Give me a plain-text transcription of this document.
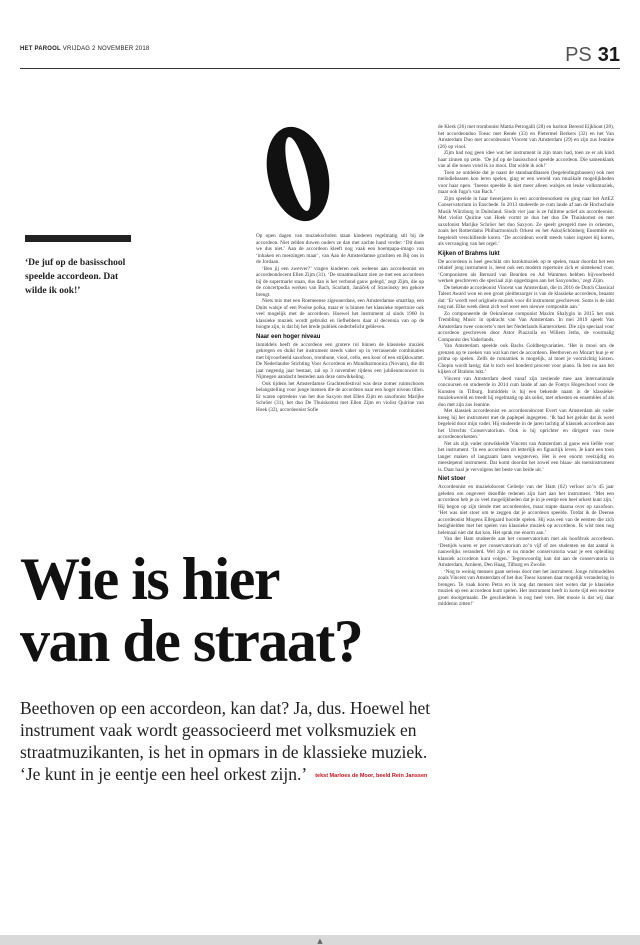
HET PAROOL VRIJDAG 2 NOVEMBER 2018	PS 31
‘De juf op de basisschool speelde accordeon. Dat wilde ik ook!’

Op open dagen van muziekscholen staan kinderen regelmatig stil bij de accordeon. Niet zelden duwen ouders ze dan met zachte hand verder: ‘Dit doen we dus niet.’ Aan de accordeon kleeft nog vaak een hoempapa-imago van ‘inhaken en meezingen maar’, van Aan de Amsterdamse grachten en Bij ons in de Jordaan.

‘Ben jij een zwerver?’ vragen kinderen ook weleens aan accordeonist en accordeondocent Ellen Zijm (31). ‘De straatmuzikant zien ze met een accordeon bij de supermarkt staan, dus dan is het verbond gauw gelegd,’ zegt Zijm, die op de concertpodia werken van Bach, Scarlatti, Janáček of Stravinsky ten gehore brengt.

Niets mis met een Roemeense zigeunerdans, een Amsterdamse smartlap, een Duits walsje of een Poolse polka, maar er is binnen het klassieke repertoire ook veel mogelijk met de accordeon. Hoewel het instrument al sinds 1960 in klassieke muziek wordt gebruikt en liefhebbers daar al decennia van op de hoogte zijn, is dat bij het brede publiek onderbelicht gebleven.

Naar een hoger niveau

Inmiddels heeft de accordeon een grotere rol binnen de klassieke muziek gekregen en duikt het instrument steeds vaker op in verrassende combinaties met bijvoorbeeld saxofoon, trombone, viool, cello, een koor of een strijkkwartet. De Nederlandse Stichting Voor Accordeon en Mondharmonica (Novam), die dit jaar negentig jaar bestaat, zal op 3 november tijdens een jubileumconcert in Nijmegen aandacht besteden aan deze ontwikkeling.

Ook tijdens het Amsterdamse Grachtenfestival was deze zomer ruimschoots belangstelling voor jonge mensen die de accordeon naar een hoger niveau tillen. Er waren optredens van het duo Saxyon met Ellen Zijm en saxofonist Marijke Schröer (31), het duo De Thuiskomst met Ellen Zijm en violist Quirine van Hoek (32), accordeonist Sofie

de Klerk (26) met trombonist Mattia Petrogalli (28) en bariton Berend Eijkhout (28), het accordeonduo Toeac met Renée (33) en Pietermel Berkers (32) en het Van Amsterdam Duo met accordeonist Vincent van Amsterdam (29) en zijn zus Jeanine (26) op viool.

Zijm had nog geen idee wat het instrument in zijn mars had, toen ze er als kind haar zinnen op zette. ‘De juf op de basisschool speelde accordeon. Die samenklank van al die tonen vond ik zo mooi. Dat wilde ik ook!’

Toen ze ontdekte dat je naast de standaardbassen (begeleidingsbassen) ook met melodiebassen kon leren spelen, ging er een wereld van muzikale mogelijkheden voor haar open. ‘Ineens speelde ik niet meer alleen walsjes en leuke volksmuziek, maar ook fuga’s van Bach.’

Zijm speelde in haar tienerjaren in een accordeonorkest en ging naar het ArtEZ Conservatorium in Enschede. In 2013 studeerde ze cum laude af aan de Hochschule Musik Würzburg in Duitsland. Sinds vier jaar is ze fulltime actief als accordeonist. Met violist Quirine van Hoek vormt ze duo het duo De Thuiskomst en met saxofonist Marijke Schröer het duo Saxyon. Ze speelt geregeld mee in orkesten, zoals het Rotterdams Philharmonisch Orkest en het Asko|Schönberg Ensemble en begeleidt verschillende koren. ‘De accordeon wordt steeds vaker ingezet bij koren, als vervanging van het orgel.’

Kijken of Brahms lukt

De accordeon is heel geschikt om barokmuziek op te spelen, maar doordat het een relatief jong instrument is, leent ook een modern repertoire zich er uitstekend voor. ‘Componisten als Bernard van Beurden en Ad Wammes hebben bijvoorbeeld werken geschreven die speciaal zijn opgedragen aan het Saxyonduo,’ zegt Zijm.

De bekende accordeonist Vincent van Amsterdam, die in 2016 de Dutch Classical Talent Award won en een groot pleitbezorger is van de klassieke accordeon, beaamt dat: ‘Er wordt veel originele muziek voor dit instrument geschreven. Soms is de inkt nog nat. Elke week dient zich wel weer een nieuwe compositie aan.’

Zo componeerde de Oekraïense componist Maxim Shalygin in 2015 het stuk Trembling Music in opdracht van Van Amsterdam. In mei 2019 speelt Van Amsterdam twee concerto’s met het Nederlands Kamerorkest. Die zijn speciaal voor accordeon geschreven door Astor Piazzolla en Willem Jeths, de voormalig Componist des Vaderlands.

Van Amsterdam speelde ook Bachs Goldbergvariaties. ‘Het is mooi om de grenzen op te zoeken van wat kan met de accordeon. Beethoven en Mozart kun je er prima op spelen. Zelfs de romantiek is mogelijk, al moet je voorzichtig kiezen. Chopin wordt lastig; dat is toch wel honderd procent voor piano. Ik ben nu aan het kijken of Brahms lukt.’

Vincent van Amsterdam deed vanaf zijn zestiende mee aan internationale concoursen en studeerde in 2014 cum laude af aan de Fontys Hogeschool voor de Kunsten in Tilburg. Inmiddels is hij een bekende naam in de klassieke-muziekwereld en treedt hij regelmatig op als solist, met orkesten en ensembles of als duo met zijn zus Jeanine.

Met klassiek accordeonist en accordeondocent Evert van Amsterdam als vader kreeg hij het instrument met de paplepel ingegeten. ‘Ik had het gelukt dat ik werd begeleid door mijn vader. Hij studeerde in de jaren tachtig af klassiek accordeon aan het Utrechts Conservatorium. Ook is hij oprichter en dirigent van twee accordeonorkesten.’

Net als zijn vader ontwikkelde Vincent van Amsterdam al gauw een liefde voor het instrument. ‘In een accordeon zit letterlijk en figuurlijk leven. Je kunt een toon langer maken of langzaam laten wegsterven. Het is een enorm veelzijdig en meeslepend instrument. Dat komt doordat het zowel een blaas- als toetsinstrument is. Daar haal je vervolgens het beste van beide uit.’

Niet stoer

Accordeonist en muziekdocent Gelietje van der Ham (62) verloor zo’n 45 jaar geleden om ongeveer dezelfde redenen zijn hart aan het instrument. ‘Met een accordeon heb je zo veel mogelijkheden dat je in je eentje een heel orkest kunt zijn.’ Hij begon op zijn tiende met accordeonles, maar stapte daarna over op saxofoon. ‘Het was niet stoer om te zeggen dat je accordeon speelde. Totdat ik de Deense accordeonist Mogens Ellegaard hoorde spelen. Hij was een van de eersten die zich bezighielden met het spelen van klassieke muziek op accordeon. Ik wist toen nog helemaal niet dat dat kon. Het sprak me enorm aan.’

Van der Ham studeerde aan het conservatorium met als hoofdvak accordeon. ‘Destijds waren er per conservatorium zo’n vijf of zes studenten en dat aantal is nauwelijks veranderd. Wel zijn er nu minder conservatoria waar je een opleiding klassiek accordeon kunt volgen.’ Tegenwoordig kan dat aan de conservatoria in Amsterdam, Arnhem, Den Haag, Tilburg en Zwolle.

‘Nog te weinig mensen gaan serieus door met het instrument. Jonge rolmodellen zoals Vincent van Amsterdam of het duo Toeac kunnen daar mogelijk verandering in brengen. Te vaak horen Petra en ik nog dat mensen niet weten dat je klassieke muziek op een accordeon kunt spelen. Het instrument heeft in korte tijd een enorme groei doorgemaakt. De geschiedenis is nog heel vers. Het mooie is dat wij daar middenin zitten!’

Wie is hier
van de straat?
Beethoven op een accordeon, kan dat? Ja, dus. Hoewel het instrument vaak wordt geassocieerd met volksmuziek en straatmuzikanten, is het in opmars in de klassieke muziek. ‘Je kunt in je eentje een heel orkest zijn.’ tekst Marloes de Moor, beeld Rein Janssen
▲
